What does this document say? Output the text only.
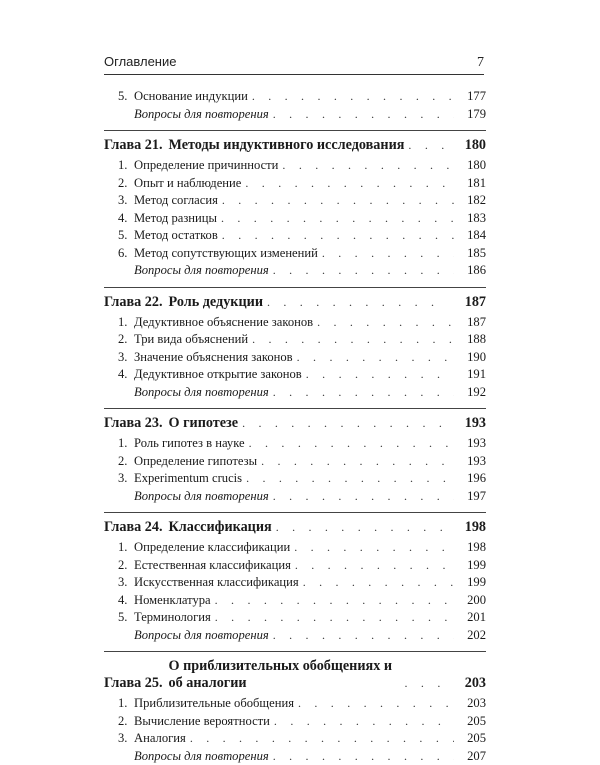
Оглавление	7
5. Основание индукции . . .	177
Вопросы для повторения . . .	179
Глава 21. Методы индуктивного исследования . . .	180
1. Определение причинности . . .	180
2. Опыт и наблюдение . . .	181
3. Метод согласия . . .	182
4. Метод разницы . . .	183
5. Метод остатков . . .	184
6. Метод сопутствующих изменений . . .	185
Вопросы для повторения . . .	186
Глава 22. Роль дедукции . . .	187
1. Дедуктивное объяснение законов . . .	187
2. Три вида объяснений . . .	188
3. Значение объяснения законов . . .	190
4. Дедуктивное открытие законов . . .	191
Вопросы для повторения . . .	192
Глава 23. О гипотезе . . .	193
1. Роль гипотез в науке . . .	193
2. Определение гипотезы . . .	193
3. Experimentum crucis . . .	196
Вопросы для повторения . . .	197
Глава 24. Классификация . . .	198
1. Определение классификации . . .	198
2. Естественная классификация . . .	199
3. Искусственная классификация . . .	199
4. Номенклатура . . .	200
5. Терминология . . .	201
Вопросы для повторения . . .	202
Глава 25.
О приблизительных обобщениях и об аналогии . . .	203
1. Приблизительные обобщения . . .	203
2. Вычисление вероятности . . .	205
3. Аналогия . . .	205
Вопросы для повторения . . .	207
